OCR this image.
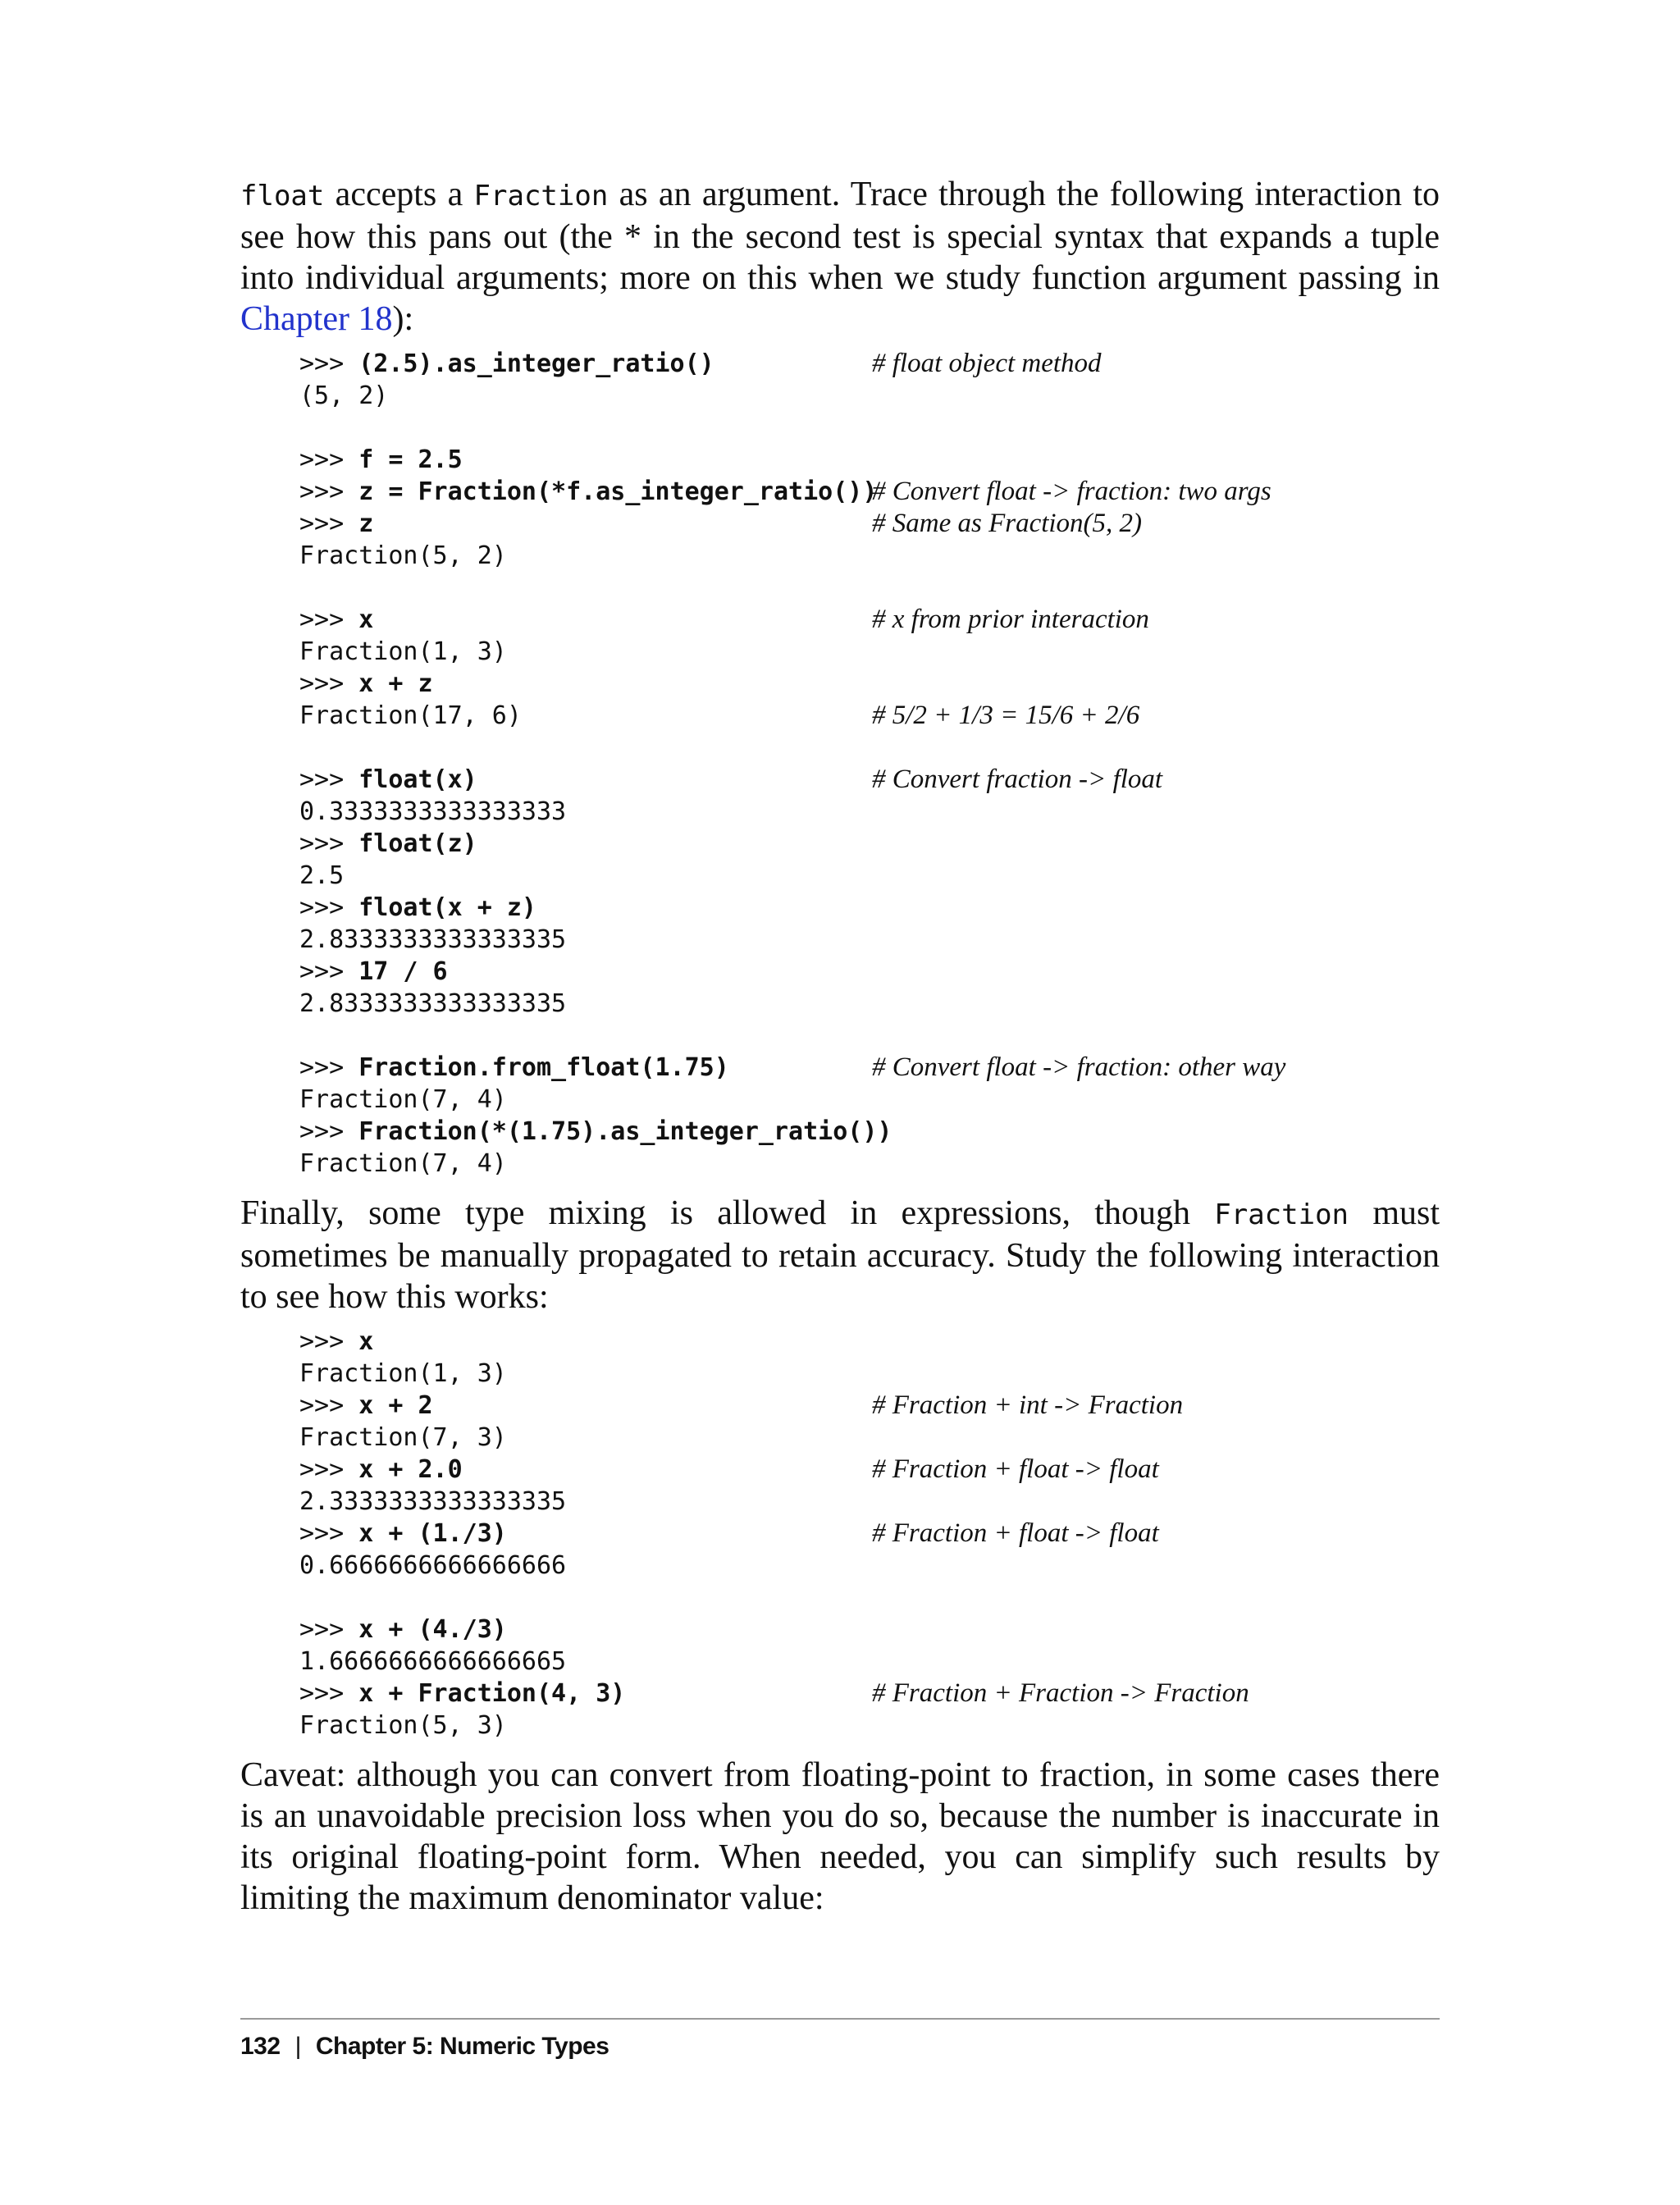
float accepts a Fraction as an argument. Trace through the following interaction to see how this pans out (the * in the second test is special syntax that expands a tuple into individual arguments; more on this when we study function argument passing in Chapter 18):

>>> (2.5).as_integer_ratio()	# float object method
(5, 2)
>>> f = 2.5
>>> z = Fraction(*f.as_integer_ratio())
# Convert float -> fraction: two args
>>> z	# Same as Fraction(5, 2)
Fraction(5, 2)
>>> x	# x from prior interaction
Fraction(1, 3)
>>> x + z
Fraction(17, 6)	# 5/2 + 1/3 = 15/6 + 2/6
>>> float(x)	# Convert fraction -> float
0.3333333333333333
>>> float(z)
2.5
>>> float(x + z)
2.8333333333333335
>>> 17 / 6
2.8333333333333335
>>> Fraction.from_float(1.75)	# Convert float -> fraction: other way
Fraction(7, 4)
>>> Fraction(*(1.75).as_integer_ratio())
Fraction(7, 4)

Finally, some type mixing is allowed in expressions, though Fraction must sometimes be manually propagated to retain accuracy. Study the following interaction to see how this works:

>>> x
Fraction(1, 3)
>>> x + 2	# Fraction + int -> Fraction
Fraction(7, 3)
>>> x + 2.0	# Fraction + float -> float
2.3333333333333335
>>> x + (1./3)	# Fraction + float -> float
0.6666666666666666
>>> x + (4./3)
1.6666666666666665
>>> x + Fraction(4, 3)	# Fraction + Fraction -> Fraction
Fraction(5, 3)

Caveat: although you can convert from floating-point to fraction, in some cases there is an unavoidable precision loss when you do so, because the number is inaccurate in its original floating-point form. When needed, you can simplify such results by limiting the maximum denominator value:

132 | Chapter 5: Numeric Types
